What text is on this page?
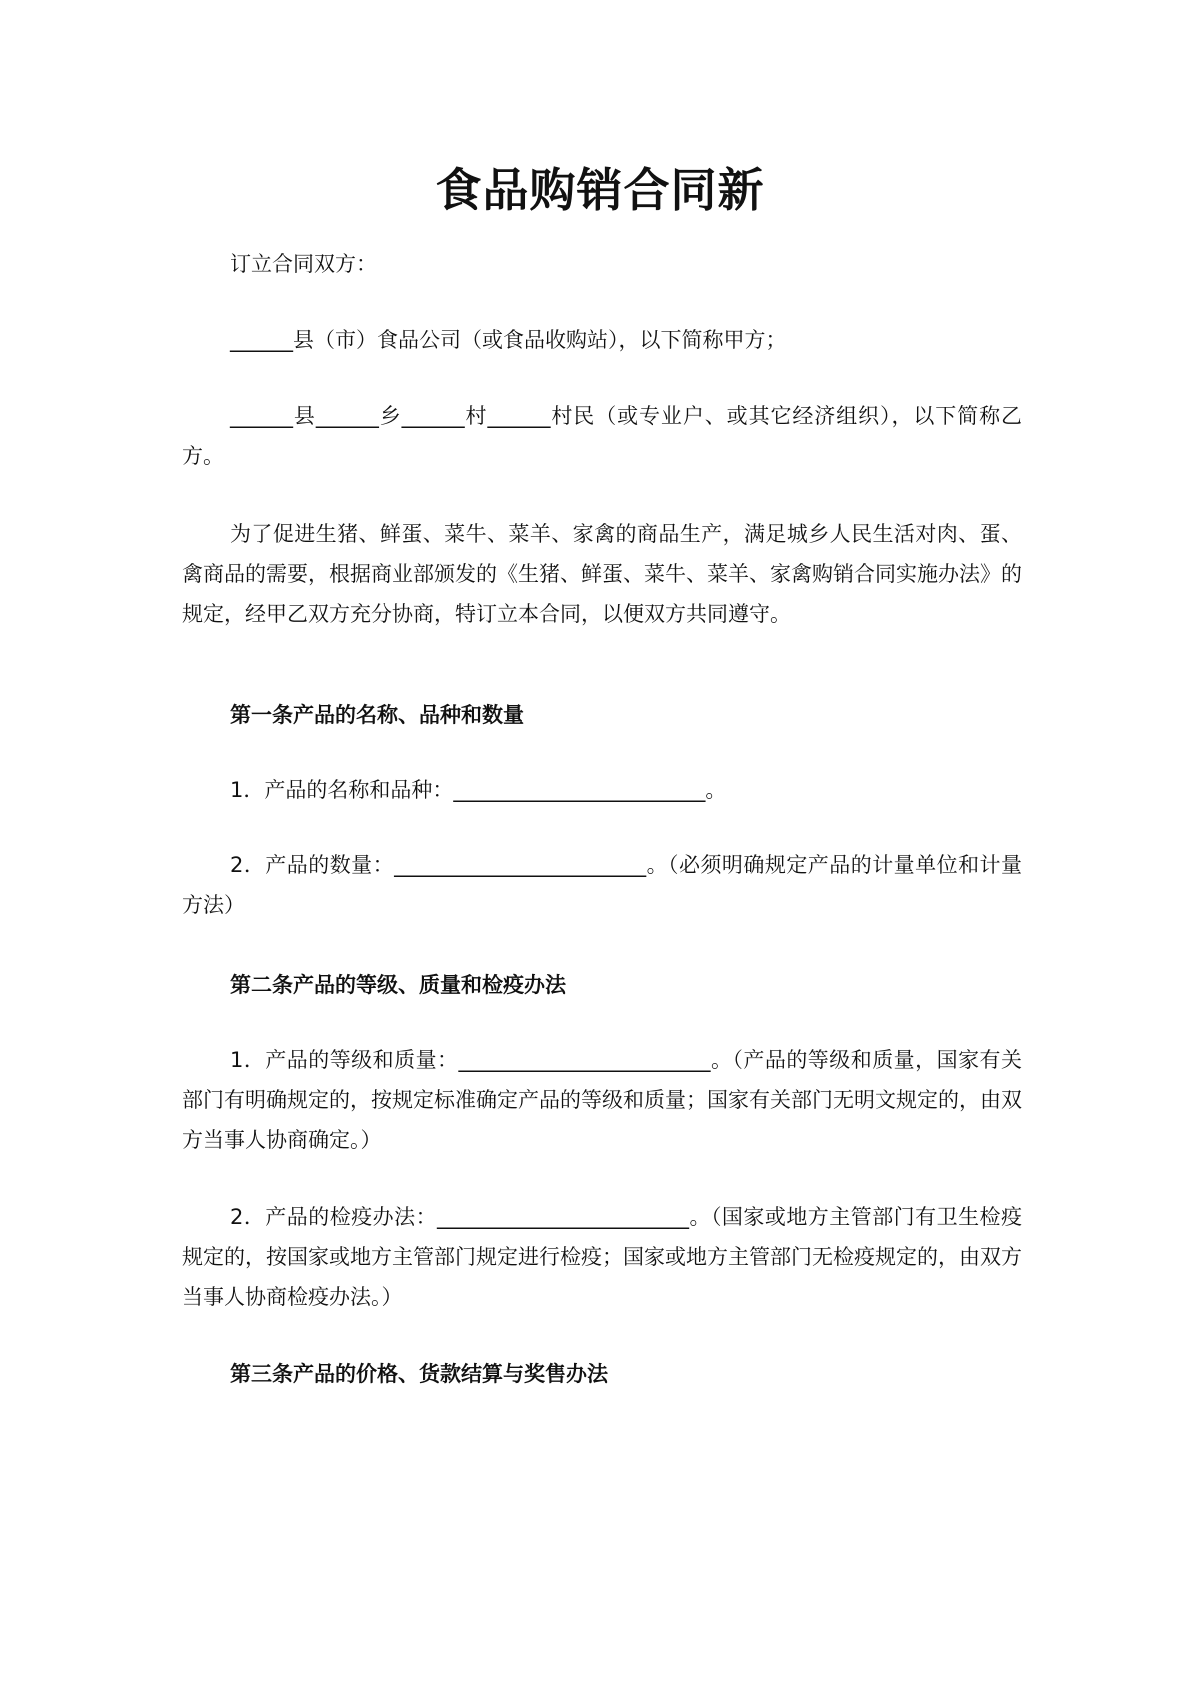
食品购销合同新

订立合同双方：

______县（市）食品公司（或食品收购站），以下简称甲方；

______县______乡______村______村民（或专业户、或其它经济组织），以下简称乙方。

为了促进生猪、鲜蛋、菜牛、菜羊、家禽的商品生产，满足城乡人民生活对肉、蛋、禽商品的需要，根据商业部颁发的《生猪、鲜蛋、菜牛、菜羊、家禽购销合同实施办法》的规定，经甲乙双方充分协商，特订立本合同，以便双方共同遵守。

第一条产品的名称、品种和数量

1．产品的名称和品种：________________________。

2．产品的数量：________________________。（必须明确规定产品的计量单位和计量方法）

第二条产品的等级、质量和检疫办法

1．产品的等级和质量：________________________。（产品的等级和质量，国家有关部门有明确规定的，按规定标准确定产品的等级和质量；国家有关部门无明文规定的，由双方当事人协商确定。）

2．产品的检疫办法：________________________。（国家或地方主管部门有卫生检疫规定的，按国家或地方主管部门规定进行检疫；国家或地方主管部门无检疫规定的，由双方当事人协商检疫办法。）

第三条产品的价格、货款结算与奖售办法
